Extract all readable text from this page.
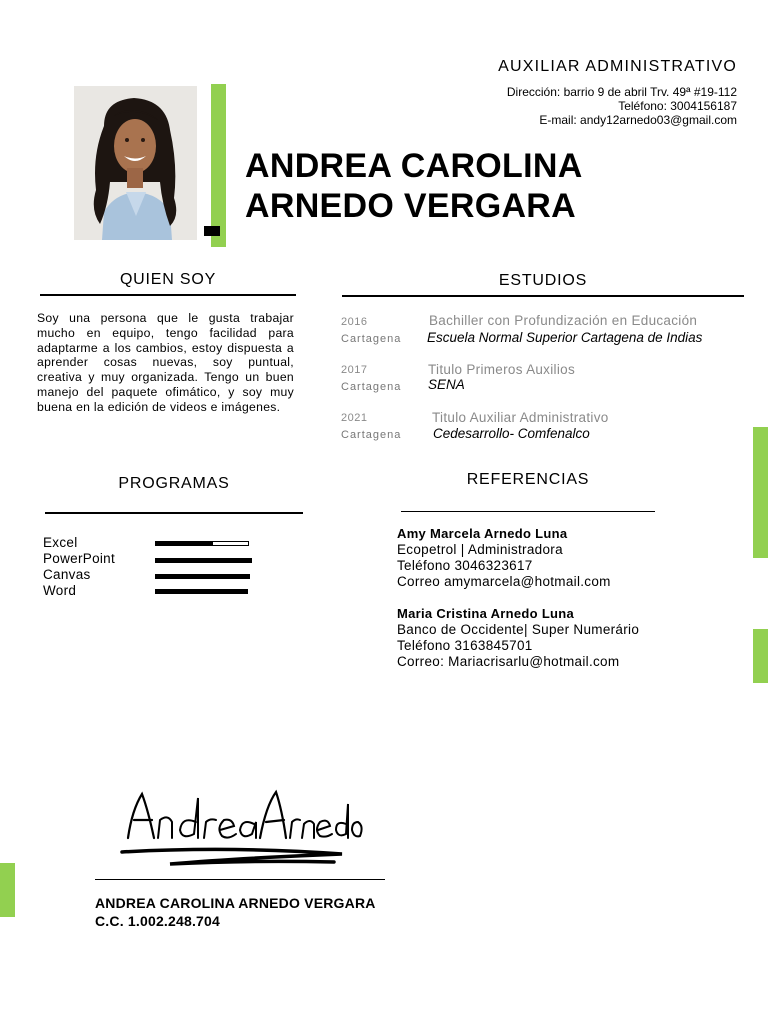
AUXILIAR ADMINISTRATIVO
Dirección: barrio 9 de abril Trv. 49ª #19-112
Teléfono: 3004156187
E-mail: andy12arnedo03@gmail.com
ANDREA CAROLINA
ARNEDO VERGARA
QUIEN SOY
Soy una persona que le gusta trabajar mucho en equipo, tengo facilidad para adaptarme a los cambios, estoy dispuesta a aprender cosas nuevas, soy puntual, creativa y muy organizada. Tengo un buen manejo del paquete ofimático, y soy muy buena en la edición de videos e imágenes.
ESTUDIOS
2016
Cartagena
Bachiller con Profundización en Educación
Escuela Normal Superior Cartagena de Indias
2017
Cartagena
Titulo Primeros Auxilios
SENA
2021
Cartagena
Titulo Auxiliar Administrativo
Cedesarrollo- Comfenalco
PROGRAMAS
Excel
PowerPoint
Canvas
Word
REFERENCIAS
Amy Marcela Arnedo Luna
Ecopetrol | Administradora
Teléfono 3046323617
Correo amymarcela@hotmail.com
Maria Cristina Arnedo Luna
Banco de Occidente| Super Numerário
Teléfono 3163845701
Correo: Mariacrisarlu@hotmail.com
ANDREA CAROLINA ARNEDO VERGARA
C.C. 1.002.248.704
